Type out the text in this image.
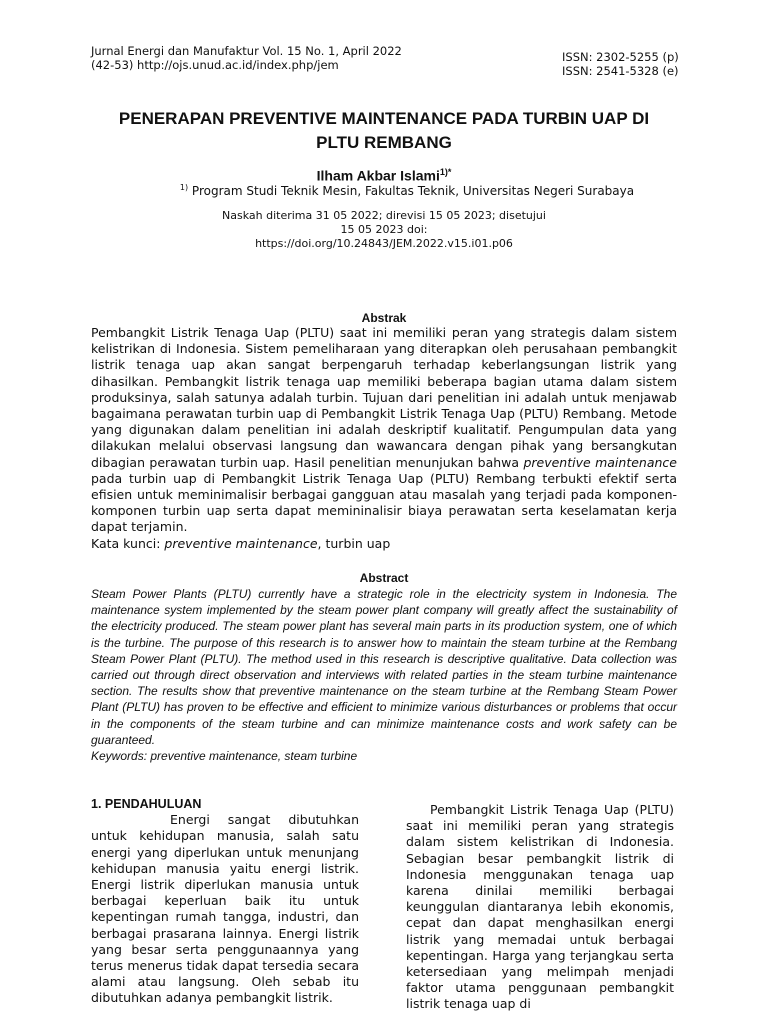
Jurnal Energi dan Manufaktur Vol. 15 No. 1, April 2022
(42-53) http://ojs.unud.ac.id/index.php/jem
ISSN: 2302-5255 (p)
ISSN: 2541-5328 (e)
PENERAPAN PREVENTIVE MAINTENANCE PADA TURBIN UAP DI
PLTU REMBANG
Ilham Akbar Islami$^{1)*}$
$^{1)}$ Program Studi Teknik Mesin, Fakultas Teknik, Universitas Negeri Surabaya
Naskah diterima 31 05 2022; direvisi 15 05 2023; disetujui
15 05 2023 doi:
https://doi.org/10.24843/JEM.2022.v15.i01.p06
Abstrak

Pembangkit Listrik Tenaga Uap (PLTU) saat ini memiliki peran yang strategis dalam sistem kelistrikan di Indonesia. Sistem pemeliharaan yang diterapkan oleh perusahaan pembangkit listrik tenaga uap akan sangat berpengaruh terhadap keberlangsungan listrik yang dihasilkan. Pembangkit listrik tenaga uap memiliki beberapa bagian utama dalam sistem produksinya, salah satunya adalah turbin. Tujuan dari penelitian ini adalah untuk menjawab bagaimana perawatan turbin uap di Pembangkit Listrik Tenaga Uap (PLTU) Rembang. Metode yang digunakan dalam penelitian ini adalah deskriptif kualitatif. Pengumpulan data yang dilakukan melalui observasi langsung dan wawancara dengan pihak yang bersangkutan dibagian perawatan turbin uap. Hasil penelitian menunjukan bahwa preventive maintenance pada turbin uap di Pembangkit Listrik Tenaga Uap (PLTU) Rembang terbukti efektif serta efisien untuk meminimalisir berbagai gangguan atau masalah yang terjadi pada komponen-komponen turbin uap serta dapat memininalisir biaya perawatan serta keselamatan kerja dapat terjamin.

Kata kunci: preventive maintenance, turbin uap

Abstract

Steam Power Plants (PLTU) currently have a strategic role in the electricity system in Indonesia. The maintenance system implemented by the steam power plant company will greatly affect the sustainability of the electricity produced. The steam power plant has several main parts in its production system, one of which is the turbine. The purpose of this research is to answer how to maintain the steam turbine at the Rembang Steam Power Plant (PLTU). The method used in this research is descriptive qualitative. Data collection was carried out through direct observation and interviews with related parties in the steam turbine maintenance section. The results show that preventive maintenance on the steam turbine at the Rembang Steam Power Plant (PLTU) has proven to be effective and efficient to minimize various disturbances or problems that occur in the components of the steam turbine and can minimize maintenance costs and work safety can be guaranteed.

Keywords: preventive maintenance, steam turbine

1. PENDAHULUAN

Energi sangat dibutuhkan untuk kehidupan manusia, salah satu energi yang diperlukan untuk menunjang kehidupan manusia yaitu energi listrik. Energi listrik diperlukan manusia untuk berbagai keperluan baik itu untuk kepentingan rumah tangga, industri, dan berbagai prasarana lainnya. Energi listrik yang besar serta penggunaannya yang terus menerus tidak dapat tersedia secara alami atau langsung. Oleh sebab itu dibutuhkan adanya pembangkit listrik.

Pembangkit Listrik Tenaga Uap (PLTU) saat ini memiliki peran yang strategis dalam sistem kelistrikan di Indonesia. Sebagian besar pembangkit listrik di Indonesia menggunakan tenaga uap karena dinilai memiliki berbagai keunggulan diantaranya lebih ekonomis, cepat dan dapat menghasilkan energi listrik yang memadai untuk berbagai kepentingan. Harga yang terjangkau serta ketersediaan yang melimpah menjadi faktor utama penggunaan pembangkit listrik tenaga uap di
